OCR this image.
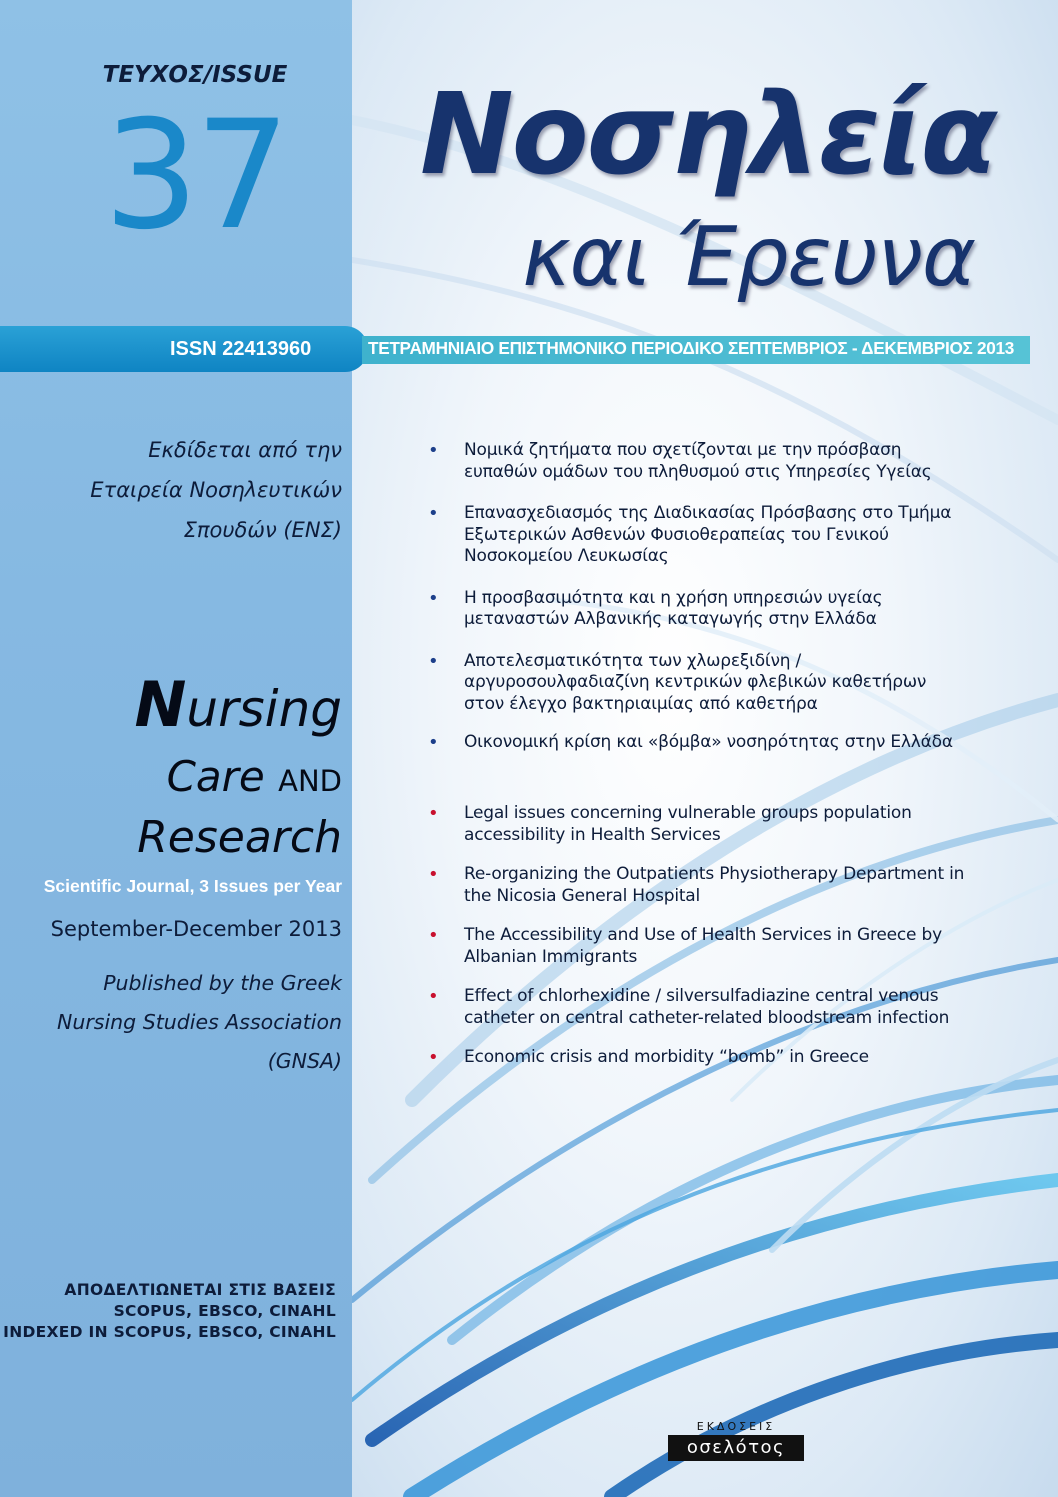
ΤΕΥΧΟΣ/ISSUE
37	Νοσηλεία
και Έρευνα
ISSN 22413960	ΤΕΤΡΑΜΗΝΙΑΙΟ ΕΠΙΣΤΗΜΟΝΙΚΟ ΠΕΡΙΟΔΙΚΟ ΣΕΠΤΕΜΒΡΙΟΣ - ΔΕΚΕΜΒΡΙΟΣ 2013
Εκδίδεται από την
Εταιρεία Νοσηλευτικών
Σπουδών (ΕΝΣ)
Nursing
Care AND
Research
Scientific Journal, 3 Issues per Year
September-December 2013
Published by the Greek
Nursing Studies Association
(GNSA)
ΑΠΟΔΕΛΤΙΩΝΕΤΑΙ ΣΤΙΣ ΒΑΣΕΙΣ
SCOPUS, EBSCO, CINAHL
INDEXED IN SCOPUS, EBSCO, CINAHL
• Νομικά ζητήματα που σχετίζονται με την πρόσβαση ευπαθών ομάδων του πληθυσμού στις Υπηρεσίες Υγείας
• Επανασχεδιασμός της Διαδικασίας Πρόσβασης στο Τμήμα Εξωτερικών Ασθενών Φυσιοθεραπείας του Γενικού Νοσοκομείου Λευκωσίας
• Η προσβασιμότητα και η χρήση υπηρεσιών υγείας μεταναστών Αλβανικής καταγωγής στην Ελλάδα
• Αποτελεσματικότητα των χλωρεξιδίνη / αργυροσουλφαδιαζίνη κεντρικών φλεβικών καθετήρων στον έλεγχο βακτηριαιμίας από καθετήρα
• Οικονομική κρίση και «βόμβα» νοσηρότητας στην Ελλάδα
• Legal issues concerning vulnerable groups population accessibility in Health Services
• Re-organizing the Outpatients Physiotherapy Department in the Nicosia General Hospital
• The Accessibility and Use of Health Services in Greece by Albanian Immigrants
• Effect of chlorhexidine / silversulfadiazine central venous catheter on central catheter-related bloodstream infection
• Economic crisis and morbidity “bomb” in Greece
ΕΚΔΟΣΕΙΣ
οσελότος
